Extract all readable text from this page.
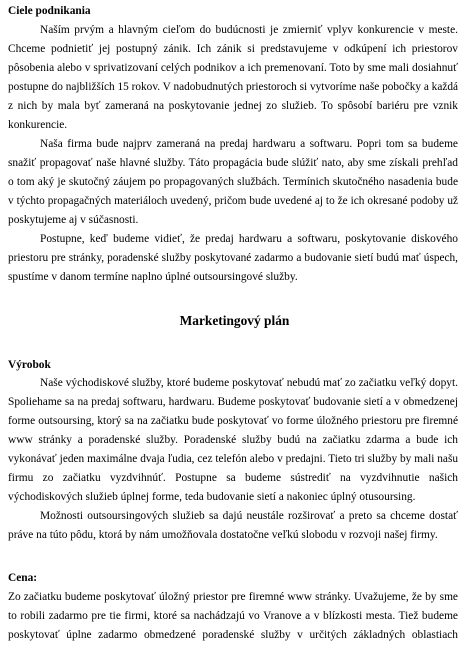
Ciele podnikania

Naším prvým a hlavným cieľom do budúcnosti je zmierniť vplyv konkurencie v meste.

Chceme podnietiť jej postupný zánik. Ich zánik si predstavujeme v odkúpení ich priestorov

pôsobenia alebo v sprivatizovaní celých podnikov a ich premenovaní. Toto by sme mali dosiahnuť

postupne do najbližších 15 rokov. V nadobudnutých priestoroch si vytvoríme naše pobočky a každá

z nich by mala byť zameraná na poskytovanie jednej zo služieb. To spôsobí bariéru pre vznik

konkurencie.

Naša firma bude najprv zameraná na predaj hardwaru a softwaru. Popri tom sa budeme

snažiť propagovať naše hlavné služby. Táto propagácia bude slúžiť nato, aby sme získali prehľad

o tom aký je skutočný záujem po propagovaných službách. Termínich skutočného nasadenia bude

v týchto propagačných materiáloch uvedený, pričom bude uvedené aj to že ich okresané podoby už

poskytujeme aj v súčasnosti.

Postupne, keď budeme vidieť, že predaj hardwaru a softwaru, poskytovanie diskového

priestoru pre stránky, poradenské služby poskytované zadarmo a budovanie sietí budú mať úspech,

spustíme v danom termíne naplno úplné outsoursingové služby.

Marketingový plán

Výrobok

Naše východiskové služby, ktoré budeme poskytovať nebudú mať zo začiatku veľký dopyt.

Spoliehame sa na predaj softwaru, hardwaru. Budeme poskytovať budovanie sietí a v obmedzenej

forme outsoursing, ktorý sa na začiatku bude poskytovať vo forme úložného priestoru pre firemné

www stránky a poradenské služby. Poradenské služby budú na začiatku zdarma a bude ich

vykonávať jeden maximálne dvaja ľudia, cez telefón alebo v predajni. Tieto tri služby by mali našu

firmu zo začiatku vyzdvihnúť. Postupne sa budeme sústrediť na vyzdvihnutie našich

východiskových služieb úplnej forme, teda budovanie sietí a nakoniec úplný otusoursing.

Možnosti outsoursingových služieb sa dajú neustále rozširovať a preto sa chceme dostať

práve na túto pôdu, ktorá by nám umožňovala dostatočne veľkú slobodu v rozvoji našej firmy.

Cena:

Zo začiatku budeme poskytovať úložný priestor pre firemné www stránky. Uvažujeme, že by sme

to robili zadarmo pre tie firmi, ktoré sa nachádzajú vo Vranove a v blízkosti mesta. Tiež budeme

poskytovať úplne zadarmo obmedzené poradenské služby v určitých základných oblastiach
